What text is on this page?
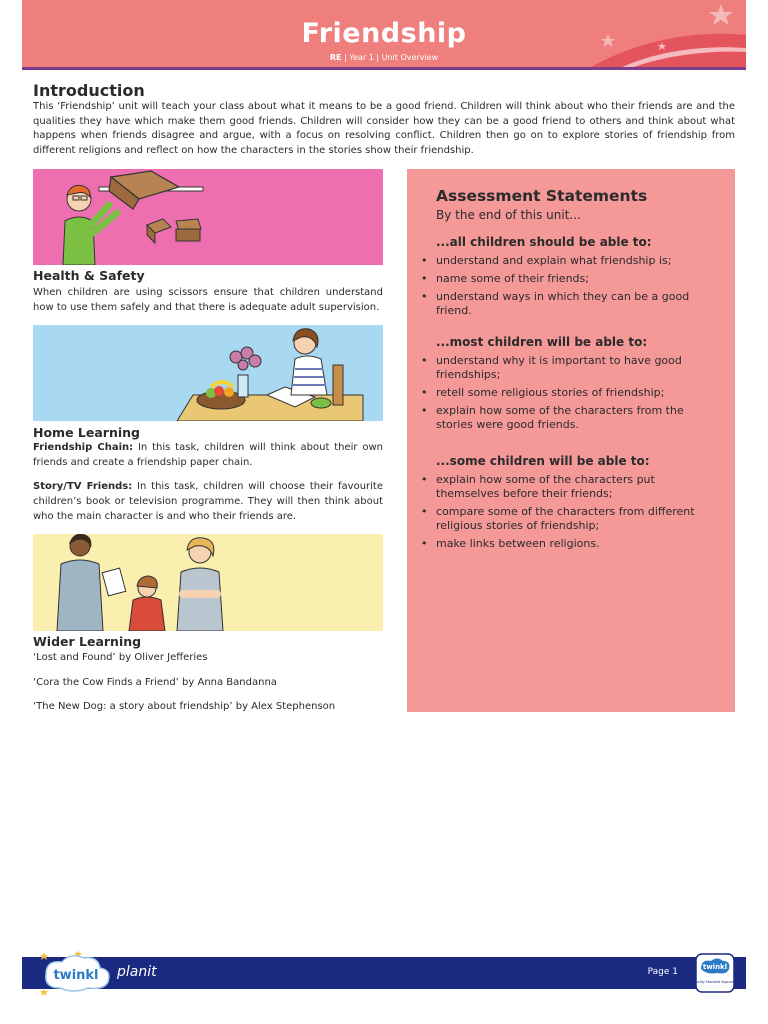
Friendship
RE | Year 1 | Unit Overview
Introduction
This ‘Friendship’ unit will teach your class about what it means to be a good friend. Children will think about who their friends are and the qualities they have which make them good friends. Children will consider how they can be a good friend to others and think about what happens when friends disagree and argue, with a focus on resolving conflict. Children then go on to explore stories of friendship from different religions and reflect on how the characters in the stories show their friendship.
Health & Safety
When children are using scissors ensure that children understand how to use them safely and that there is adequate adult supervision.
Home Learning
Friendship Chain: In this task, children will think about their own friends and create a friendship paper chain.
Story/TV Friends: In this task, children will choose their favourite children’s book or television programme. They will then think about who the main character is and who their friends are.
Wider Learning
‘Lost and Found’ by Oliver Jefferies
‘Cora the Cow Finds a Friend’ by Anna Bandanna
‘The New Dog: a story about friendship’ by Alex Stephenson
Assessment Statements
By the end of this unit...
...all children should be able to:
• understand and explain what friendship is;
• name some of their friends;
• understand ways in which they can be a good friend.
...most children will be able to:
• understand why it is important to have good friendships;
• retell some religious stories of friendship;
• explain how some of the characters from the stories were good friends.
...some children will be able to:
• explain how some of the characters put themselves before their friends;
• compare some of the characters from different religious stories of friendship;
• make links between religions.
planit	Page 1
twinkl
twinkl
Quality Standard Approved
